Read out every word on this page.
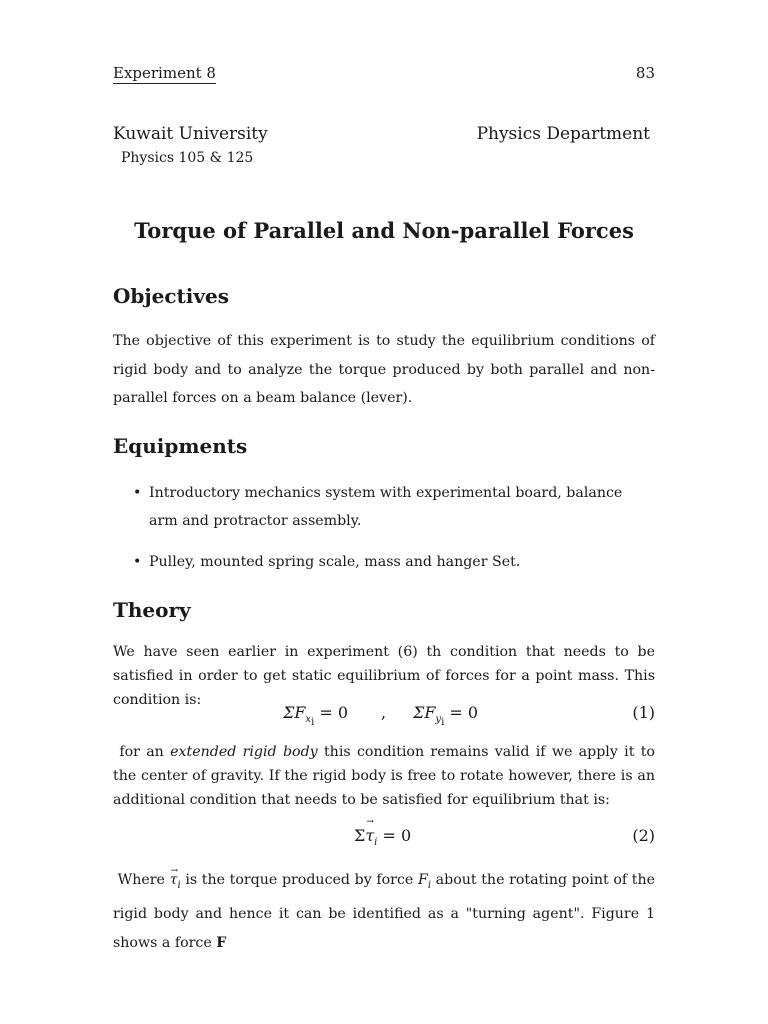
Experiment 8	83

Kuwait University	Physics Department

Physics 105 & 125

Torque of Parallel and Non-parallel Forces
Objectives

The objective of this experiment is to study the equilibrium conditions of rigid body and to analyze the torque produced by both parallel and non-parallel forces on a beam balance (lever).

Equipments
• Introductory mechanics system with experimental board, balance arm and protractor assembly.
• Pulley, mounted spring scale, mass and hanger Set.
Theory

We have seen earlier in experiment (6) th condition that needs to be satisfied in order to get static equilibrium of forces for a point mass. This condition is:

$\Sigma F_{x_i} = 0$ , $\Sigma F_{y_i} = 0$	(1)

for an extended rigid body this condition remains valid if we apply it to the center of gravity. If the rigid body is free to rotate however, there is an additional condition that needs to be satisfied for equilibrium that is:

$\Sigma\to \tau_i = 0$	(2)

Where → $\tau_i$ is the torque produced by force $F_i$ about the rotating point of the rigid body and hence it can be identified as a "turning agent". Figure 1 shows a force F
